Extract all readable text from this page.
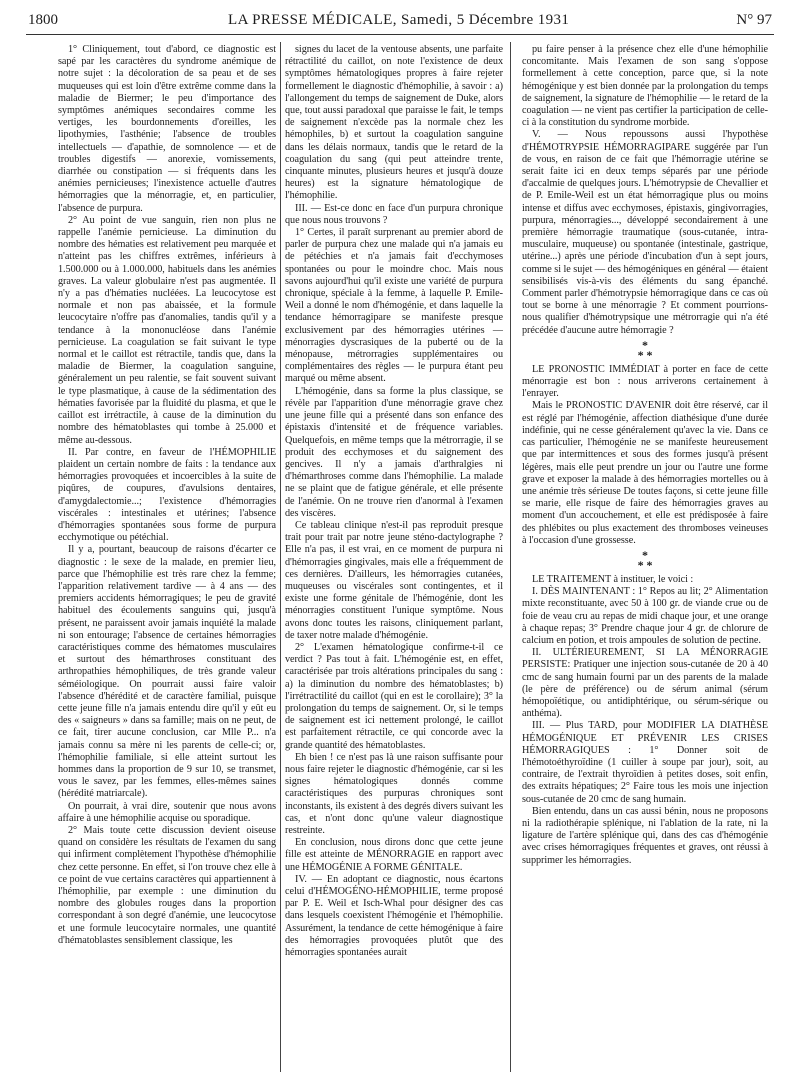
1800	LA PRESSE MÉDICALE, Samedi, 5 Décembre 1931	N° 97

1° Cliniquement, tout d'abord, ce diagnostic est sapé par les caractères du syndrome anémique de notre sujet : la décoloration de sa peau et de ses muqueuses qui est loin d'être extrême comme dans la maladie de Biermer; le peu d'importance des symptômes anémiques secondaires comme les vertiges, les bourdonnements d'oreilles, les lipothymies, l'asthénie; l'absence de troubles intellectuels — d'apathie, de somnolence — et de troubles digestifs — anorexie, vomissements, diarrhée ou constipation — si fréquents dans les anémies pernicieuses; l'inexistence actuelle d'autres hémorragies que la ménorragie, et, en particulier, l'absence de purpura.

2° Au point de vue sanguin, rien non plus ne rappelle l'anémie pernicieuse. La diminution du nombre des hématies est relativement peu marquée et n'atteint pas les chiffres extrêmes, inférieurs à 1.500.000 ou à 1.000.000, habituels dans les anémies graves. La valeur globulaire n'est pas augmentée. Il n'y a pas d'hématies nucléées. La leucocytose est normale et non pas abaissée, et la formule leucocytaire n'offre pas d'anomalies, tandis qu'il y a tendance à la mononucléose dans l'anémie pernicieuse. La coagulation se fait suivant le type normal et le caillot est rétractile, tandis que, dans la maladie de Biermer, la coagulation sanguine, généralement un peu ralentie, se fait souvent suivant le type plasmatique, à cause de la sédimentation des hématies favorisée par la fluidité du plasma, et que le caillot est irrétractile, à cause de la diminution du nombre des hématoblastes qui tombe à 25.000 et même au-dessous.

II. Par contre, en faveur de l'HÉMOPHILIE plaident un certain nombre de faits : la tendance aux hémorragies provoquées et incoercibles à la suite de piqûres, de coupures, d'avulsions dentaires, d'amygdalectomie...; l'existence d'hémorragies viscérales : intestinales et utérines; l'absence d'hémorragies spontanées sous forme de purpura ecchymotique ou pétéchial.

Il y a, pourtant, beaucoup de raisons d'écarter ce diagnostic : le sexe de la malade, en premier lieu, parce que l'hémophilie est très rare chez la femme; l'apparition relativement tardive — à 4 ans — des premiers accidents hémorragiques; le peu de gravité habituel des écoulements sanguins qui, jusqu'à présent, ne paraissent avoir jamais inquiété la malade ni son entourage; l'absence de certaines hémorragies caractéristiques comme des hématomes musculaires et surtout des hémarthroses constituant des arthropathies hémophiliques, de très grande valeur séméiologique. On pourrait aussi faire valoir l'absence d'hérédité et de caractère familial, puisque cette jeune fille n'a jamais entendu dire qu'il y eût eu des « saigneurs » dans sa famille; mais on ne peut, de ce fait, tirer aucune conclusion, car Mlle P... n'a jamais connu sa mère ni les parents de celle-ci; or, l'hémophilie familiale, si elle atteint surtout les hommes dans la proportion de 9 sur 10, se transmet, vous le savez, par les femmes, elles-mêmes saines (hérédité matriarcale).

On pourrait, à vrai dire, soutenir que nous avons affaire à une hémophilie acquise ou sporadique.

2° Mais toute cette discussion devient oiseuse quand on considère les résultats de l'examen du sang qui infirment complètement l'hypothèse d'hémophilie chez cette personne. En effet, si l'on trouve chez elle à ce point de vue certains caractères qui appartiennent à l'hémophilie, par exemple : une diminution du nombre des globules rouges dans la proportion correspondant à son degré d'anémie, une leucocytose et une formule leucocytaire normales, une quantité d'hématoblastes sensiblement classique, les

signes du lacet de la ventouse absents, une parfaite rétractilité du caillot, on note l'existence de deux symptômes hématologiques propres à faire rejeter formellement le diagnostic d'hémophilie, à savoir : a) l'allongement du temps de saignement de Duke, alors que, tout aussi paradoxal que paraisse le fait, le temps de saignement n'excède pas la normale chez les hémophiles, b) et surtout la coagulation sanguine dans les délais normaux, tandis que le retard de la coagulation du sang (qui peut atteindre trente, cinquante minutes, plusieurs heures et jusqu'à douze heures) est la signature hématologique de l'hémophilie.

III. — Est-ce donc en face d'un purpura chronique que nous nous trouvons ?

1° Certes, il paraît surprenant au premier abord de parler de purpura chez une malade qui n'a jamais eu de pétéchies et n'a jamais fait d'ecchymoses spontanées ou pour le moindre choc. Mais nous savons aujourd'hui qu'il existe une variété de purpura chronique, spéciale à la femme, à laquelle P. Emile-Weil a donné le nom d'hémogénie, et dans laquelle la tendance hémorragipare se manifeste presque exclusivement par des hémorragies utérines — ménorragies dyscrasiques de la puberté ou de la ménopause, métrorragies supplémentaires ou complémentaires des règles — le purpura étant peu marqué ou même absent.

L'hémogénie, dans sa forme la plus classique, se révèle par l'apparition d'une ménorragie grave chez une jeune fille qui a présenté dans son enfance des épistaxis d'intensité et de fréquence variables. Quelquefois, en même temps que la métrorragie, il se produit des ecchymoses et du saignement des gencives. Il n'y a jamais d'arthralgies ni d'hémarthroses comme dans l'hémophilie. La malade ne se plaint que de fatigue générale, et elle présente de l'anémie. On ne trouve rien d'anormal à l'examen des viscères.

Ce tableau clinique n'est-il pas reproduit presque trait pour trait par notre jeune sténo-dactylographe ? Elle n'a pas, il est vrai, en ce moment de purpura ni d'hémorragies gingivales, mais elle a fréquemment de ces dernières. D'ailleurs, les hémorragies cutanées, muqueuses ou viscérales sont contingentes, et il existe une forme génitale de l'hémogénie, dont les ménorragies constituent l'unique symptôme. Nous avons donc toutes les raisons, cliniquement parlant, de taxer notre malade d'hémogénie.

2° L'examen hématologique confirme-t-il ce verdict ? Pas tout à fait. L'hémogénie est, en effet, caractérisée par trois altérations principales du sang : a) la diminution du nombre des hématoblastes; b) l'irrétractilité du caillot (qui en est le corollaire); 3° la prolongation du temps de saignement. Or, si le temps de saignement est ici nettement prolongé, le caillot est parfaitement rétractile, ce qui concorde avec la grande quantité des hématoblastes.

Eh bien ! ce n'est pas là une raison suffisante pour nous faire rejeter le diagnostic d'hémogénie, car si les signes hématologiques donnés comme caractéristiques des purpuras chroniques sont inconstants, ils existent à des degrés divers suivant les cas, et n'ont donc qu'une valeur diagnostique restreinte.

En conclusion, nous dirons donc que cette jeune fille est atteinte de MÉNORRAGIE en rapport avec une HÉMOGÉNIE A FORME GÉNITALE.

IV. — En adoptant ce diagnostic, nous écartons celui d'HÉMOGÉNO-HÉMOPHILIE, terme proposé par P. E. Weil et Isch-Whal pour désigner des cas dans lesquels coexistent l'hémogénie et l'hémophilie. Assurément, la tendance de cette hémogénique à faire des hémorragies provoquées plutôt que des hémorragies spontanées aurait

pu faire penser à la présence chez elle d'une hémophilie concomitante. Mais l'examen de son sang s'oppose formellement à cette conception, parce que, si la note hémogénique y est bien donnée par la prolongation du temps de saignement, la signature de l'hémophilie — le retard de la coagulation — ne vient pas certifier la participation de celle-ci à la constitution du syndrome morbide.

V. — Nous repoussons aussi l'hypothèse d'HÉMOTRYPSIE HÉMORRAGIPARE suggérée par l'un de vous, en raison de ce fait que l'hémorragie utérine se serait faite ici en deux temps séparés par une période d'accalmie de quelques jours. L'hémotrypsie de Chevallier et de P. Emile-Weil est un état hémorragique plus ou moins intense et diffus avec ecchymoses, épistaxis, gingivorragies, purpura, ménorragies..., développé secondairement à une première hémorragie traumatique (sous-cutanée, intra-musculaire, muqueuse) ou spontanée (intestinale, gastrique, utérine...) après une période d'incubation d'un à sept jours, comme si le sujet — des hémogéniques en général — étaient sensibilisés vis-à-vis des éléments du sang épanché. Comment parler d'hémotrypsie hémorragique dans ce cas où tout se borne à une ménorragie ? Et comment pourrions-nous qualifier d'hémotrypsique une métrorragie qui n'a été précédée d'aucune autre hémorragie ?

*
* *

LE PRONOSTIC IMMÉDIAT à porter en face de cette ménorragie est bon : nous arriverons certainement à l'enrayer.

Mais le PRONOSTIC D'AVENIR doit être réservé, car il est réglé par l'hémogénie, affection diathésique d'une durée indéfinie, qui ne cesse généralement qu'avec la vie. Dans ce cas particulier, l'hémogénie ne se manifeste heureusement que par intermittences et sous des formes jusqu'à présent légères, mais elle peut prendre un jour ou l'autre une forme grave et exposer la malade à des hémorragies mortelles ou à une anémie très sérieuse De toutes façons, si cette jeune fille se marie, elle risque de faire des hémorragies graves au moment d'un accouchement, et elle est prédisposée à faire des phlébites ou plus exactement des thromboses veineuses à l'occasion d'une grossesse.

*
* *

LE TRAITEMENT à instituer, le voici :

I. DÈS MAINTENANT : 1° Repos au lit; 2° Alimentation mixte reconstituante, avec 50 à 100 gr. de viande crue ou de foie de veau cru au repas de midi chaque jour, et une orange à chaque repas; 3° Prendre chaque jour 4 gr. de chlorure de calcium en potion, et trois ampoules de solution de pectine.

II. ULTÉRIEUREMENT, SI LA MÉNORRAGIE PERSISTE: Pratiquer une injection sous-cutanée de 20 à 40 cmc de sang humain fourni par un des parents de la malade (le père de préférence) ou de sérum animal (sérum hémopoïétique, ou antidiphtérique, ou sérum-sérique ou anthéma).

III. — Plus TARD, pour MODIFIER LA DIATHÈSE HÉMOGÉNIQUE ET PRÉVENIR LES CRISES HÉMORRAGIQUES : 1° Donner soit de l'hémotoéthyroïdine (1 cuiller à soupe par jour), soit, au contraire, de l'extrait thyroïdien à petites doses, soit enfin, des extraits hépatiques; 2° Faire tous les mois une injection sous-cutanée de 20 cmc de sang humain.

Bien entendu, dans un cas aussi bénin, nous ne proposons ni la radiothérapie splénique, ni l'ablation de la rate, ni la ligature de l'artère splénique qui, dans des cas d'hémogénie avec crises hémorragiques fréquentes et graves, ont réussi à supprimer les hémorragies.
